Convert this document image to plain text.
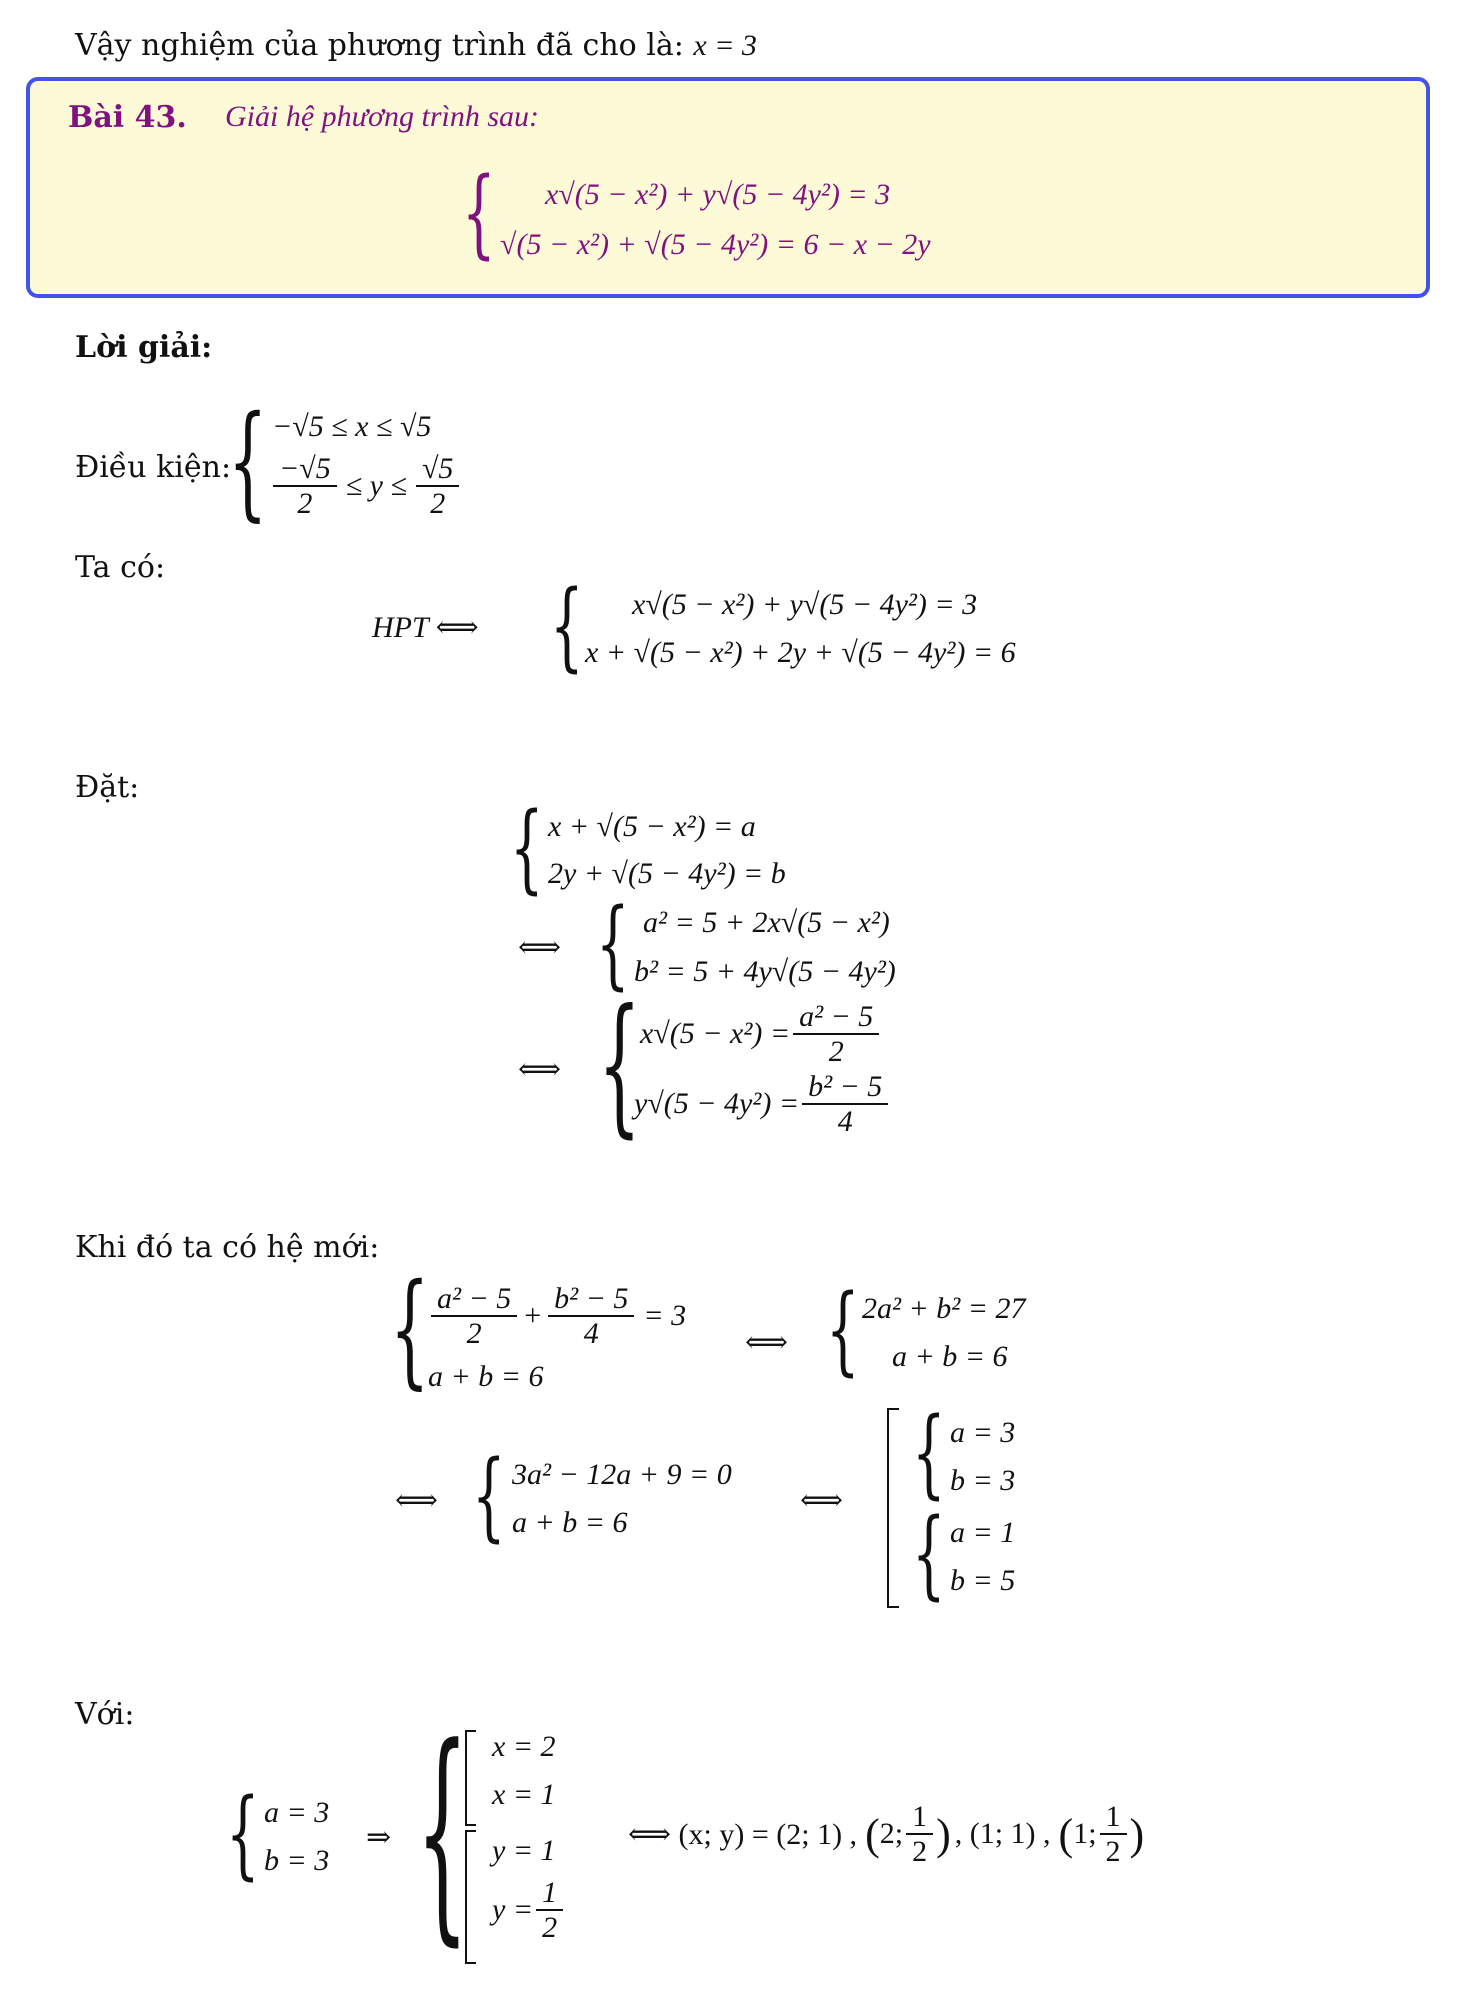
Vậy nghiệm của phương trình đã cho là: x = 3
Bài 43. Giải hệ phương trình sau:
{ x√(5 − x²) + y√(5 − 4y²) = 3
√(5 − x²) + √(5 − 4y²) = 6 − x − 2y
Lời giải:
Điều kiện:
{ −√5 ≤ x ≤ √5
$\frac{-√5}{2} \le y \le \frac{√5}{2}$
Ta có:
HPT ⟺ { x√(5 − x²) + y√(5 − 4y²) = 3
x + √(5 − x²) + 2y + √(5 − 4y²) = 6
Đặt:
{ x + √(5 − x²) = a
2y + √(5 − 4y²) = b
⟺ { a² = 5 + 2x√(5 − x²)
b² = 5 + 4y√(5 − 4y²)
⟺ { $x√(5 - x^2) = \frac{\text{a² − 5}}{2}$
$y√(5 - 4y^2) = \frac{\text{b² − 5}}{4}$
Khi đó ta có hệ mới:
{ $\frac{\text{a² − 5}}{2} + \frac{\text{b² − 5}}{4} = 3$
a + b = 6
⟺ { 2a² + b² = 27
a + b = 6
⟺ { 3a² − 12a + 9 = 0
a + b = 6
⟺ { a = 3
b = 3
{ a = 1
b = 5
Với:
{ a = 3
b = 3
⇒ { x = 2
x = 1
y = 1
$y = \frac{1}{2}$
⟺ (x; y) = (2; 1) , ( 2; $\frac{1}{2}$ ) , (1; 1) , ( 1; $\frac{1}{2}$ )
